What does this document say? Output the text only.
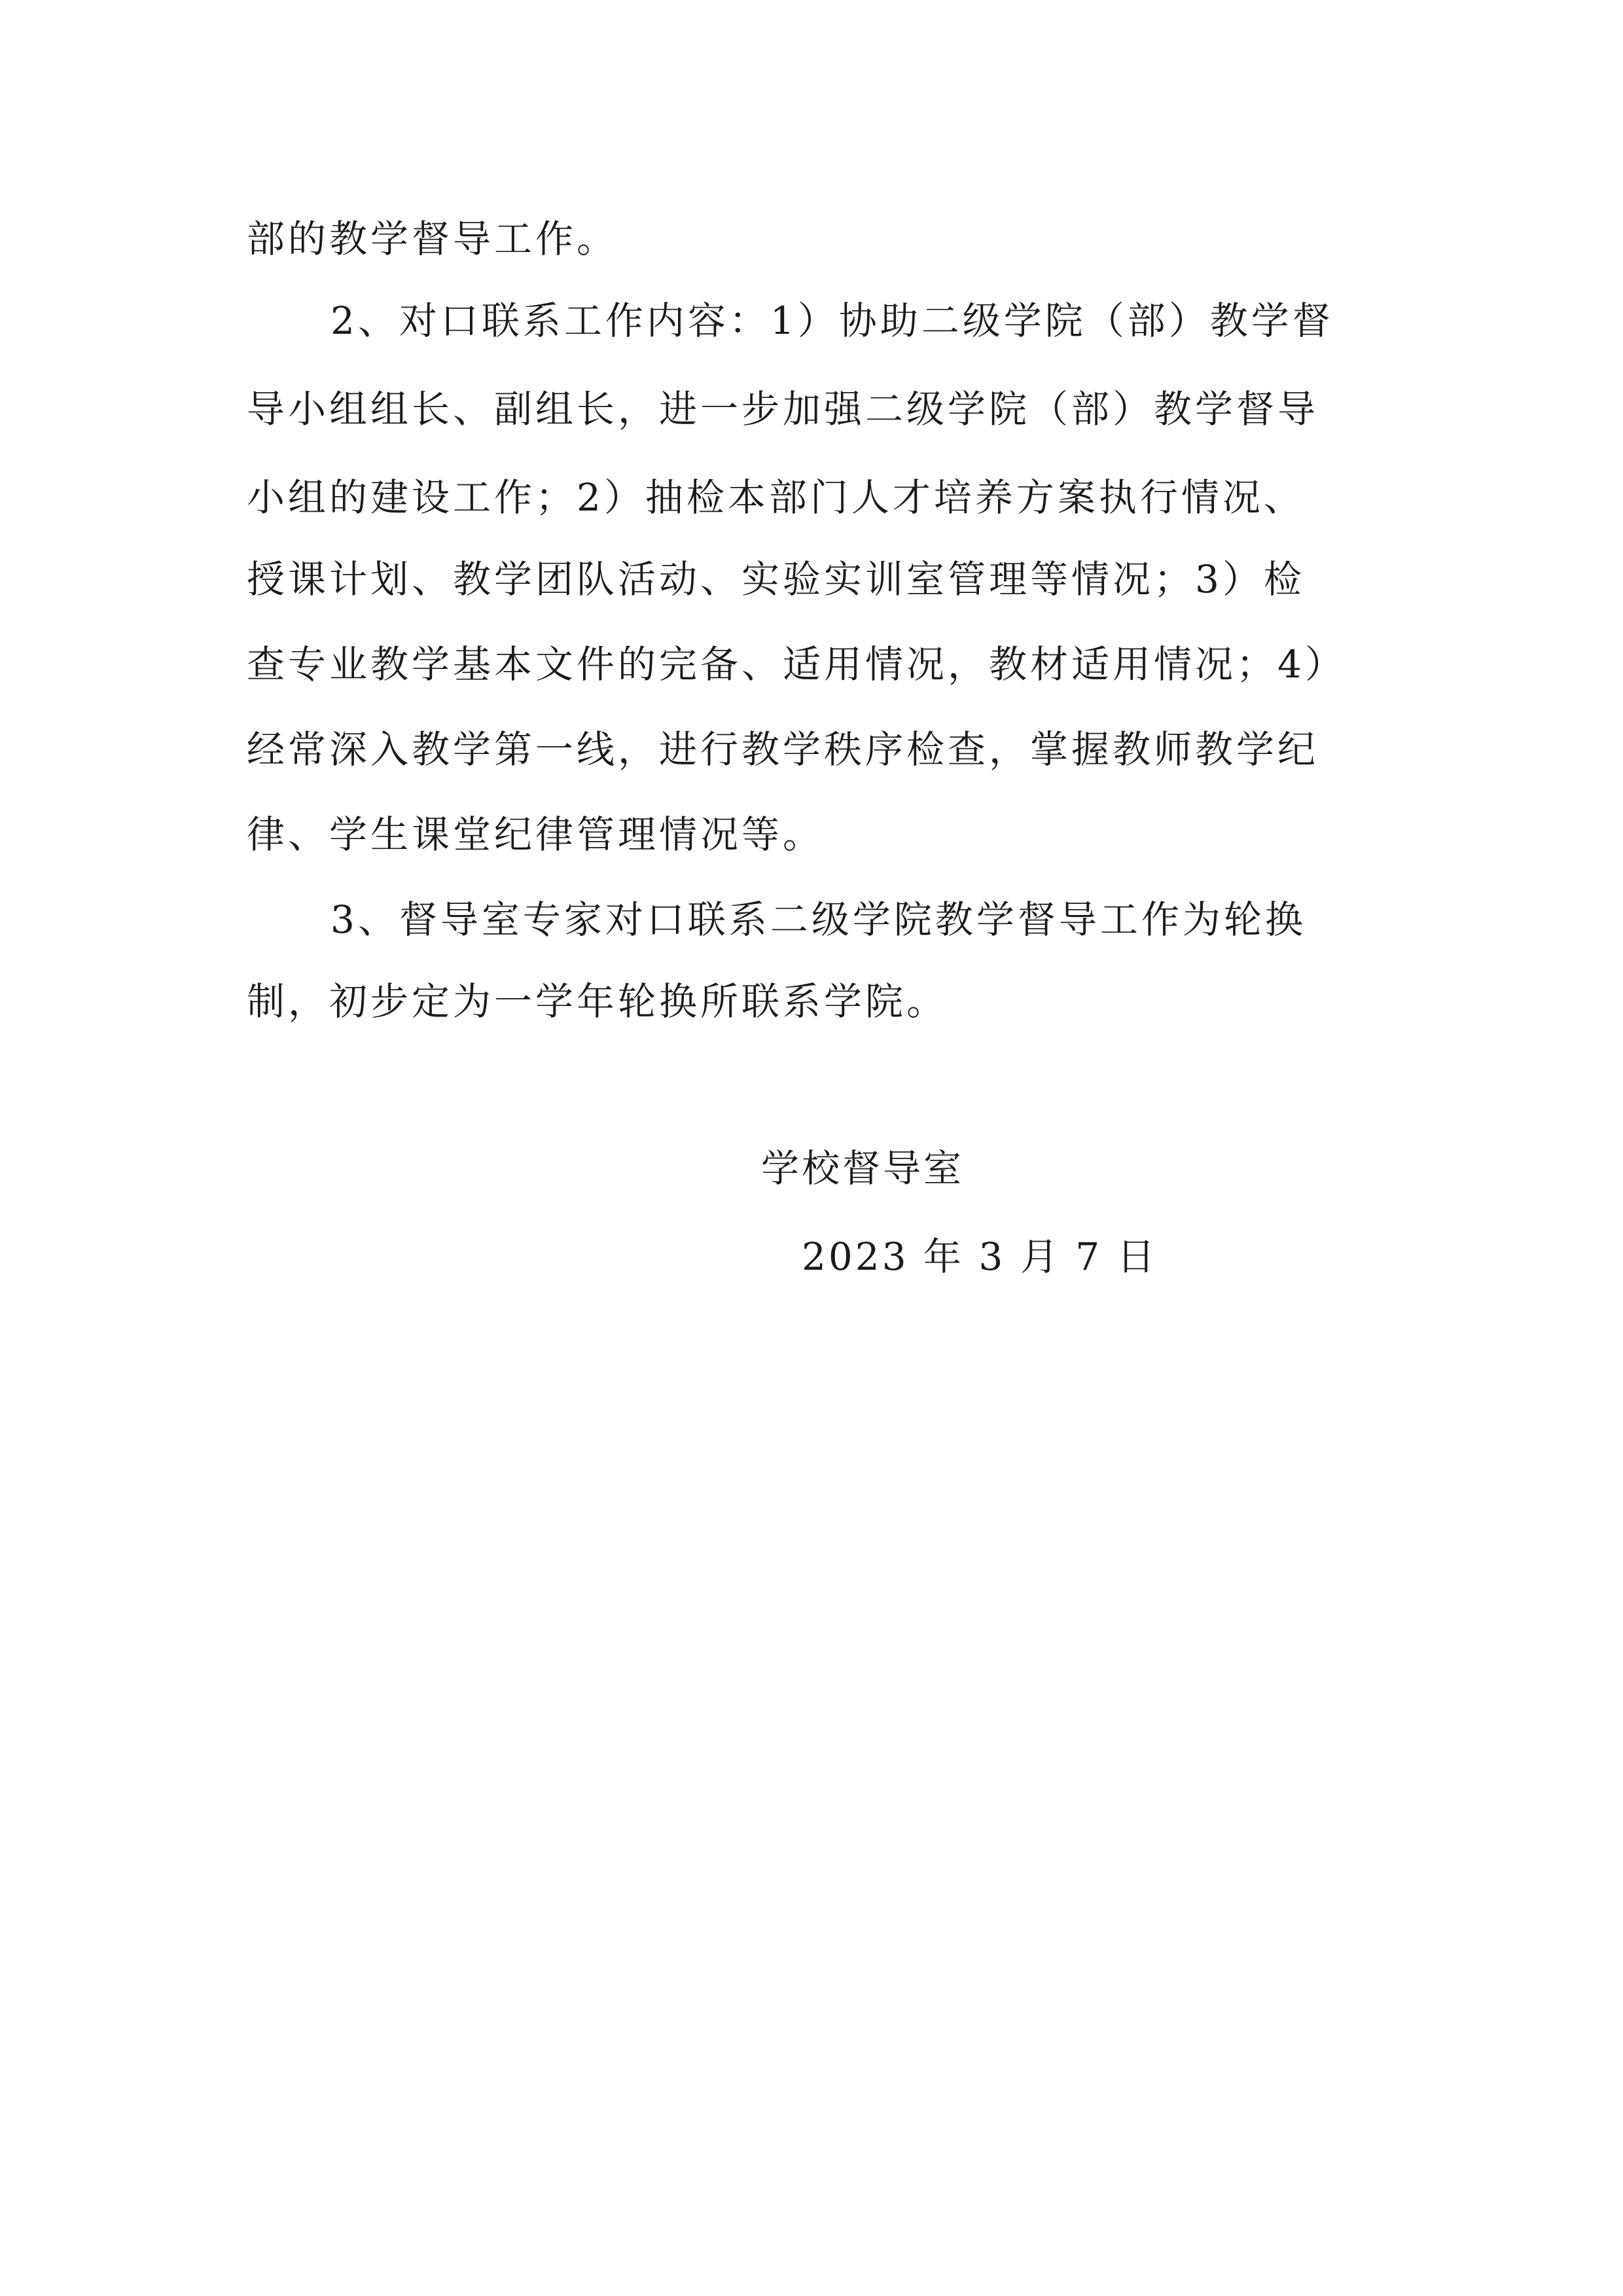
部的教学督导工作。
2、对口联系工作内容：1）协助二级学院（部）教学督
导小组组长、副组长，进一步加强二级学院（部）教学督导
小组的建设工作；2）抽检本部门人才培养方案执行情况、
授课计划、教学团队活动、实验实训室管理等情况；3）检
查专业教学基本文件的完备、适用情况，教材适用情况；4）
经常深入教学第一线，进行教学秩序检查，掌握教师教学纪
律、学生课堂纪律管理情况等。
3、督导室专家对口联系二级学院教学督导工作为轮换
制，初步定为一学年轮换所联系学院。
学校督导室
2023 年 3 月 7 日
